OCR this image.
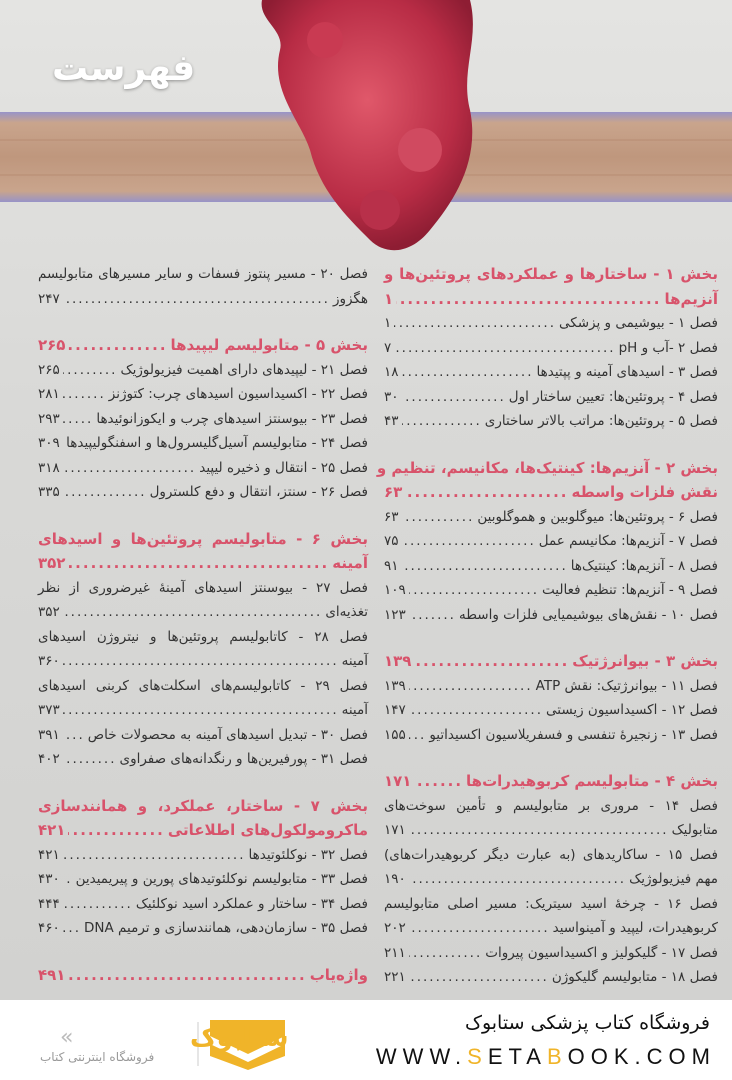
فهرست
بخش ۱ - ساختارها و عملکردهای پروتئین‌ها و
آنزیم‌ها
.....
۱
فصل ۱ - بیوشیمی و پزشکی
.....
۱
فصل ۲ -آب و pH
.....
۷
فصل ۳ - اسیدهای آمینه و پپتیدها
.....
۱۸
فصل ۴ - پروتئین‌ها: تعیین ساختار اول
.....
۳۰
فصل ۵ - پروتئین‌ها: مراتب بالاتر ساختاری
.....
۴۳
بخش ۲ - آنزیم‌ها: کینتیک‌ها، مکانیسم، تنظیم و
نقش فلزات واسطه
.....
۶۳
فصل ۶ - پروتئین‌ها: میوگلوبین و هموگلوبین
.....
۶۳
فصل ۷ - آنزیم‌ها: مکانیسم عمل
.....
۷۵
فصل ۸ - آنزیم‌ها: کینتیک‌ها
.....
۹۱
فصل ۹ - آنزیم‌ها: تنظیم فعالیت
.....
۱۰۹
فصل ۱۰ - نقش‌های بیوشیمیایی فلزات واسطه
.....
۱۲۳
بخش ۳ - بیوانرژتیک
.....
۱۳۹
فصل ۱۱ - بیوانرژتیک: نقش ATP
.....
۱۳۹
فصل ۱۲ - اکسیداسیون زیستی
.....
۱۴۷
فصل ۱۳ - زنجیرهٔ تنفسی و فسفریلاسیون اکسیداتیو
.....
۱۵۵
بخش ۴ - متابولیسم کربوهیدرات‌ها
.....
۱۷۱
فصل ۱۴ - مروری بر متابولیسم و تأمین سوخت‌های
متابولیک
.....
۱۷۱
فصل ۱۵ - ساکاریدهای (به عبارت دیگر کربوهیدرات‌های)
مهم فیزیولوژیک
.....
۱۹۰
فصل ۱۶ - چرخهٔ اسید سیتریک: مسیر اصلی متابولیسم
کربوهیدرات، لیپید و آمینواسید
.....
۲۰۲
فصل ۱۷ - گلیکولیز و اکسیداسیون پیروات
.....
۲۱۱
فصل ۱۸ - متابولیسم گلیکوژن
.....
۲۲۱
فصل ۲۰ - مسیر پنتوز فسفات و سایر مسیرهای متابولیسم
هگزوز
.....
۲۴۷
بخش ۵ - متابولیسم لیپیدها
.....
۲۶۵
فصل ۲۱ - لیپیدهای دارای اهمیت فیزیولوژیک
.....
۲۶۵
فصل ۲۲ - اکسیداسیون اسیدهای چرب: کتوژنز
.....
۲۸۱
فصل ۲۳ - بیوسنتز اسیدهای چرب و ایکوزانوئیدها
.....
۲۹۳
فصل ۲۴ - متابولیسم آسیل‌گلیسرول‌ها و اسفنگولیپیدها
.....
۳۰۹
فصل ۲۵ - انتقال و ذخیره لیپید
.....
۳۱۸
فصل ۲۶ - سنتز، انتقال و دفع کلسترول
.....
۳۳۵
بخش ۶ - متابولیسم پروتئین‌ها و اسیدهای
آمینه
.....
۳۵۲
فصل ۲۷ - بیوسنتز اسیدهای آمینهٔ غیرضروری از نظر
تغذیه‌ای
.....
۳۵۲
فصل ۲۸ - کاتابولیسم پروتئین‌ها و نیتروژن اسیدهای
آمینه
.....
۳۶۰
فصل ۲۹ - کاتابولیسم‌های اسکلت‌های کربنی اسیدهای
آمینه
.....
۳۷۳
فصل ۳۰ - تبدیل اسیدهای آمینه به محصولات خاص
.....
۳۹۱
فصل ۳۱ - پورفیرین‌ها و رنگدانه‌های صفراوی
.....
۴۰۲
بخش ۷ - ساختار، عملکرد، و همانندسازی
ماکرومولکول‌های اطلاعاتی
.....
۴۲۱
فصل ۳۲ - نوکلئوتیدها
.....
۴۲۱
فصل ۳۳ - متابولیسم نوکلئوتیدهای پورین و پیریمیدین
.....
۴۳۰
فصل ۳۴ - ساختار و عملکرد اسید نوکلئیک
.....
۴۴۴
فصل ۳۵ - سازمان‌دهی، همانندسازی و ترمیم DNA
.....
۴۶۰
واژه‌یاب
.....
۴۹۱
ستابوک
«
فروشگاه اینترنتی کتاب
فروشگاه کتاب پزشکی ستابوک
WWW.SETABOOK.COM
